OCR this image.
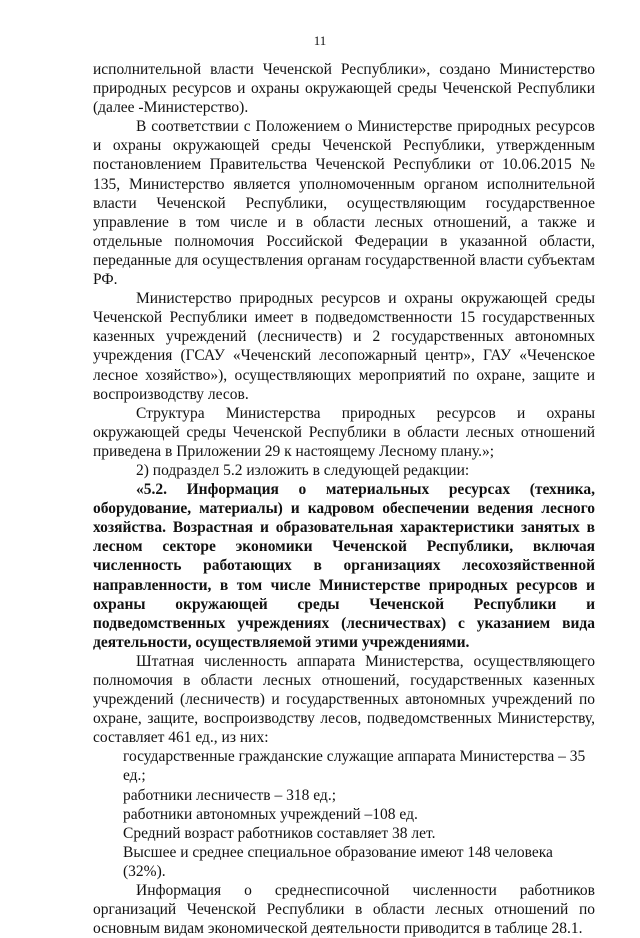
11

исполнительной власти Чеченской Республики», создано Министерство природных ресурсов и охраны окружающей среды Чеченской Республики (далее -Министерство).

В соответствии с Положением о Министерстве природных ресурсов и охраны окружающей среды Чеченской Республики, утвержденным постановлением Правительства Чеченской Республики от 10.06.2015 № 135, Министерство является уполномоченным органом исполнительной власти Чеченской Республики, осуществляющим государственное управление в том числе и в области лесных отношений, а также и отдельные полномочия Российской Федерации в указанной области, переданные для осуществления органам государственной власти субъектам РФ.

Министерство природных ресурсов и охраны окружающей среды Чеченской Республики имеет в подведомственности 15 государственных казенных учреждений (лесничеств) и 2 государственных автономных учреждения (ГСАУ «Чеченский лесопожарный центр», ГАУ «Чеченское лесное хозяйство»), осуществляющих мероприятий по охране, защите и воспроизводству лесов.

Структура Министерства природных ресурсов и охраны окружающей среды Чеченской Республики в области лесных отношений приведена в Приложении 29 к настоящему Лесному плану.»;

2) подраздел 5.2 изложить в следующей редакции:

«5.2. Информация о материальных ресурсах (техника, оборудование, материалы) и кадровом обеспечении ведения лесного хозяйства. Возрастная и образовательная характеристики занятых в лесном секторе экономики Чеченской Республики, включая численность работающих в организациях лесохозяйственной направленности, в том числе Министерстве природных ресурсов и охраны окружающей среды Чеченской Республики и подведомственных учреждениях (лесничествах) с указанием вида деятельности, осуществляемой этими учреждениями.

Штатная численность аппарата Министерства, осуществляющего полномочия в области лесных отношений, государственных казенных учреждений (лесничеств) и государственных автономных учреждений по охране, защите, воспроизводству лесов, подведомственных Министерству, составляет 461 ед., из них:

государственные гражданские служащие аппарата Министерства – 35 ед.;

работники лесничеств – 318 ед.;

работники автономных учреждений –108 ед.

Средний возраст работников составляет 38 лет.

Высшее и среднее специальное образование имеют 148 человека (32%).

Информация о среднесписочной численности работников организаций Чеченской Республики в области лесных отношений по основным видам экономической деятельности приводится в таблице 28.1.
